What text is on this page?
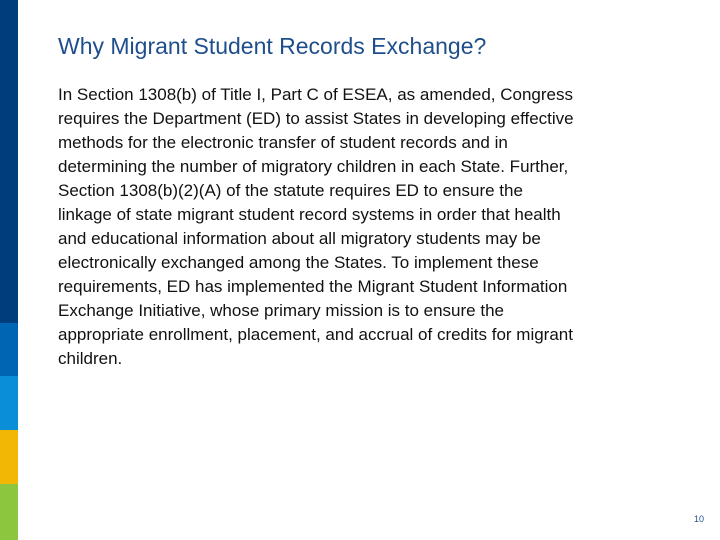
Why Migrant Student Records Exchange?

In Section 1308(b) of Title I, Part C of ESEA, as amended, Congress
requires the Department (ED) to assist States in developing effective
methods for the electronic transfer of student records and in
determining the number of migratory children in each State. Further,
Section 1308(b)(2)(A) of the statute requires ED to ensure the
linkage of state migrant student record systems in order that health
and educational information about all migratory students may be
electronically exchanged among the States. To implement these
requirements, ED has implemented the Migrant Student Information
Exchange Initiative, whose primary mission is to ensure the
appropriate enrollment, placement, and accrual of credits for migrant
children.

10
